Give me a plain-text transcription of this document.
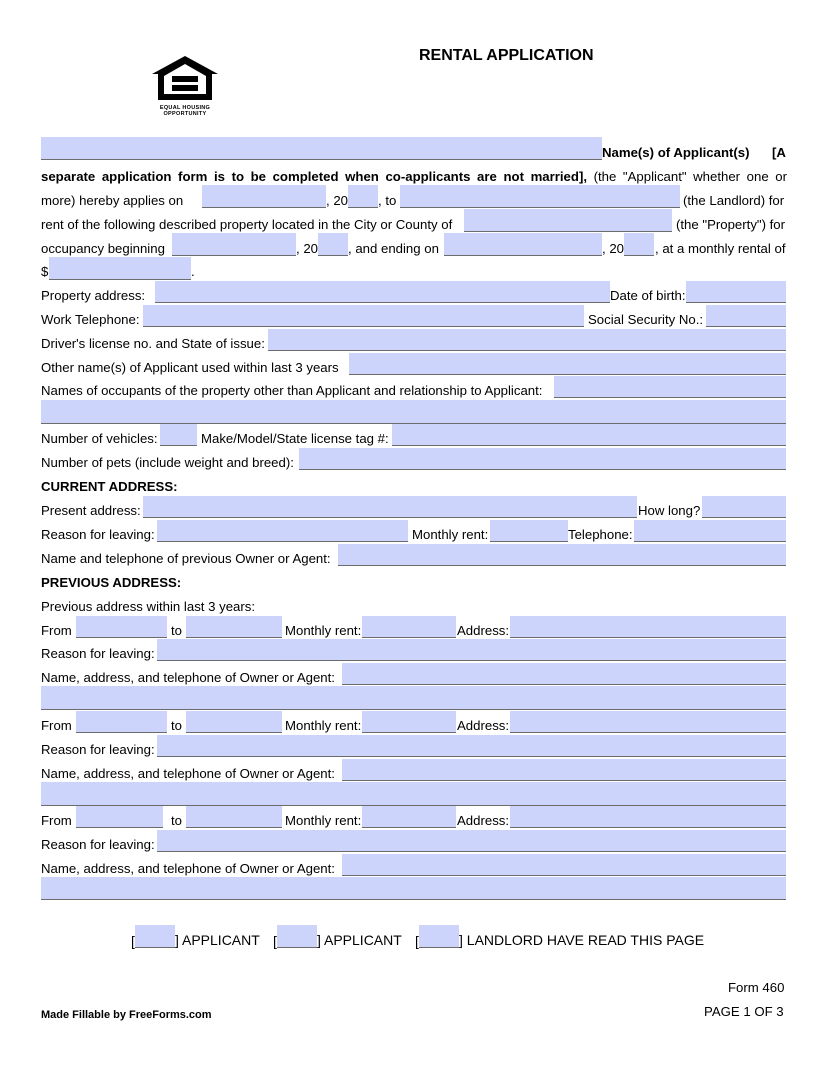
EQUAL HOUSING
OPPORTUNITY
RENTAL APPLICATION
Name(s) of Applicant(s) [A
separate application form is to be completed when co-applicants are not married], (the "Applicant" whether one or
more) hereby applies on	, 20 , to	(the Landlord) for
rent of the following described property located in the City or County of	(the "Property") for
occupancy beginning	, 20 , and ending on	, 20 , at a monthly rental of
$	.
Property address:	Date of birth:
Work Telephone:	Social Security No.:
Driver's license no. and State of issue:
Other name(s) of Applicant used within last 3 years
Names of occupants of the property other than Applicant and relationship to Applicant:
Number of vehicles:	Make/Model/State license tag #:
Number of pets (include weight and breed):
CURRENT ADDRESS:
Present address:	How long?
Reason for leaving:	Monthly rent:	Telephone:
Name and telephone of previous Owner or Agent:
PREVIOUS ADDRESS:
Previous address within last 3 years:
From	to	Monthly rent:	Address:
Reason for leaving:
Name, address, and telephone of Owner or Agent:
From	to	Monthly rent:	Address:
Reason for leaving:
Name, address, and telephone of Owner or Agent:
From	to	Monthly rent:	Address:
Reason for leaving:
Name, address, and telephone of Owner or Agent:
[	] APPLICANT [	] APPLICANT [	] LANDLORD HAVE READ THIS PAGE
Form 460
Made Fillable by FreeForms.com	PAGE 1 OF 3
